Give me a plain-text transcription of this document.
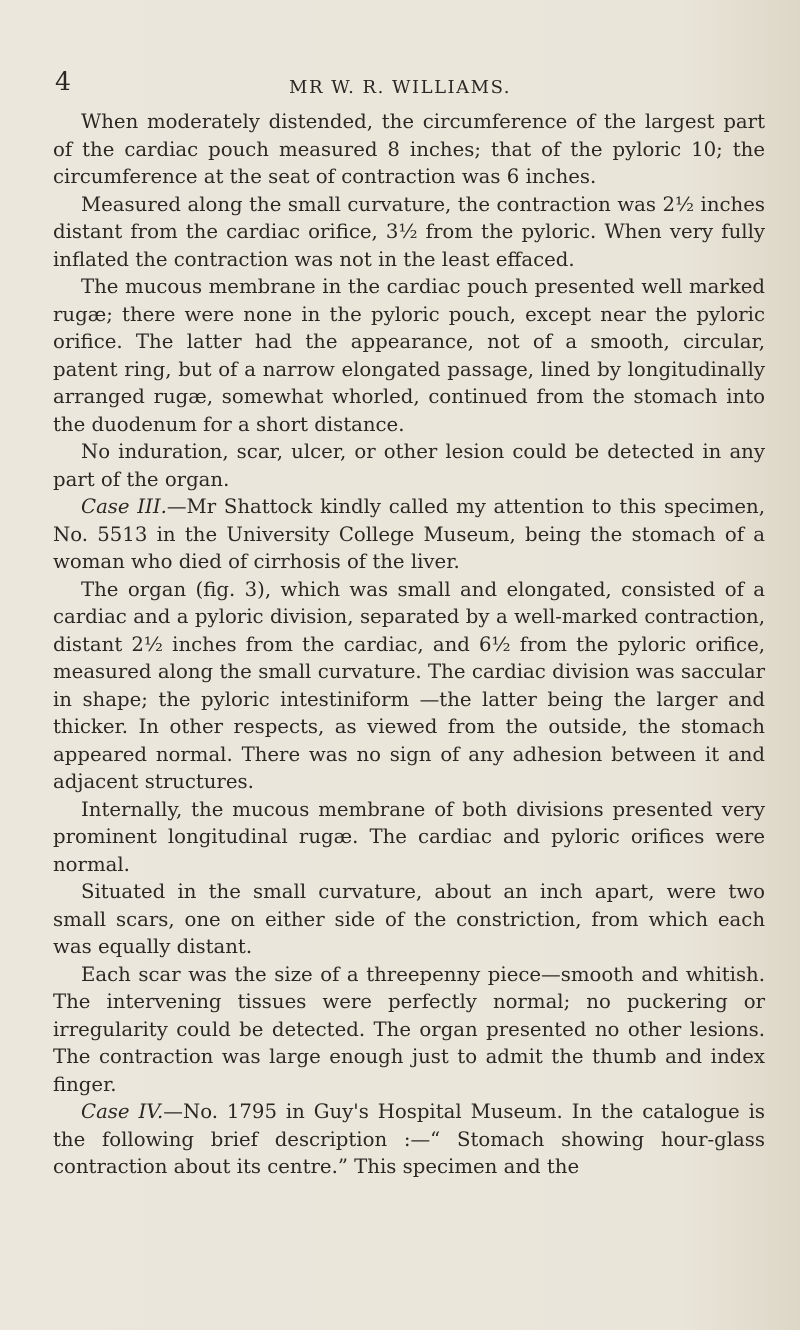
4	MR W. R. WILLIAMS.

When moderately distended, the circumference of the largest part of the cardiac pouch measured 8 inches; that of the pyloric 10; the circumference at the seat of contraction was 6 inches.

Measured along the small curvature, the contraction was 2½ inches distant from the cardiac orifice, 3½ from the pyloric. When very fully inflated the contraction was not in the least effaced.

The mucous membrane in the cardiac pouch presented well marked rugæ; there were none in the pyloric pouch, except near the pyloric orifice. The latter had the appearance, not of a smooth, circular, patent ring, but of a narrow elongated passage, lined by longitudinally arranged rugæ, somewhat whorled, continued from the stomach into the duodenum for a short distance.

No induration, scar, ulcer, or other lesion could be detected in any part of the organ.

Case III.—Mr Shattock kindly called my attention to this specimen, No. 5513 in the University College Museum, being the stomach of a woman who died of cirrhosis of the liver.

The organ (fig. 3), which was small and elongated, consisted of a cardiac and a pyloric division, separated by a well-marked contraction, distant 2½ inches from the cardiac, and 6½ from the pyloric orifice, measured along the small curvature. The cardiac division was saccular in shape; the pyloric intestiniform —the latter being the larger and thicker. In other respects, as viewed from the outside, the stomach appeared normal. There was no sign of any adhesion between it and adjacent structures.

Internally, the mucous membrane of both divisions presented very prominent longitudinal rugæ. The cardiac and pyloric orifices were normal.

Situated in the small curvature, about an inch apart, were two small scars, one on either side of the constriction, from which each was equally distant.

Each scar was the size of a threepenny piece—smooth and whitish. The intervening tissues were perfectly normal; no puckering or irregularity could be detected. The organ presented no other lesions. The contraction was large enough just to admit the thumb and index finger.

Case IV.—No. 1795 in Guy's Hospital Museum. In the catalogue is the following brief description :—“ Stomach showing hour-glass contraction about its centre.” This specimen and the
